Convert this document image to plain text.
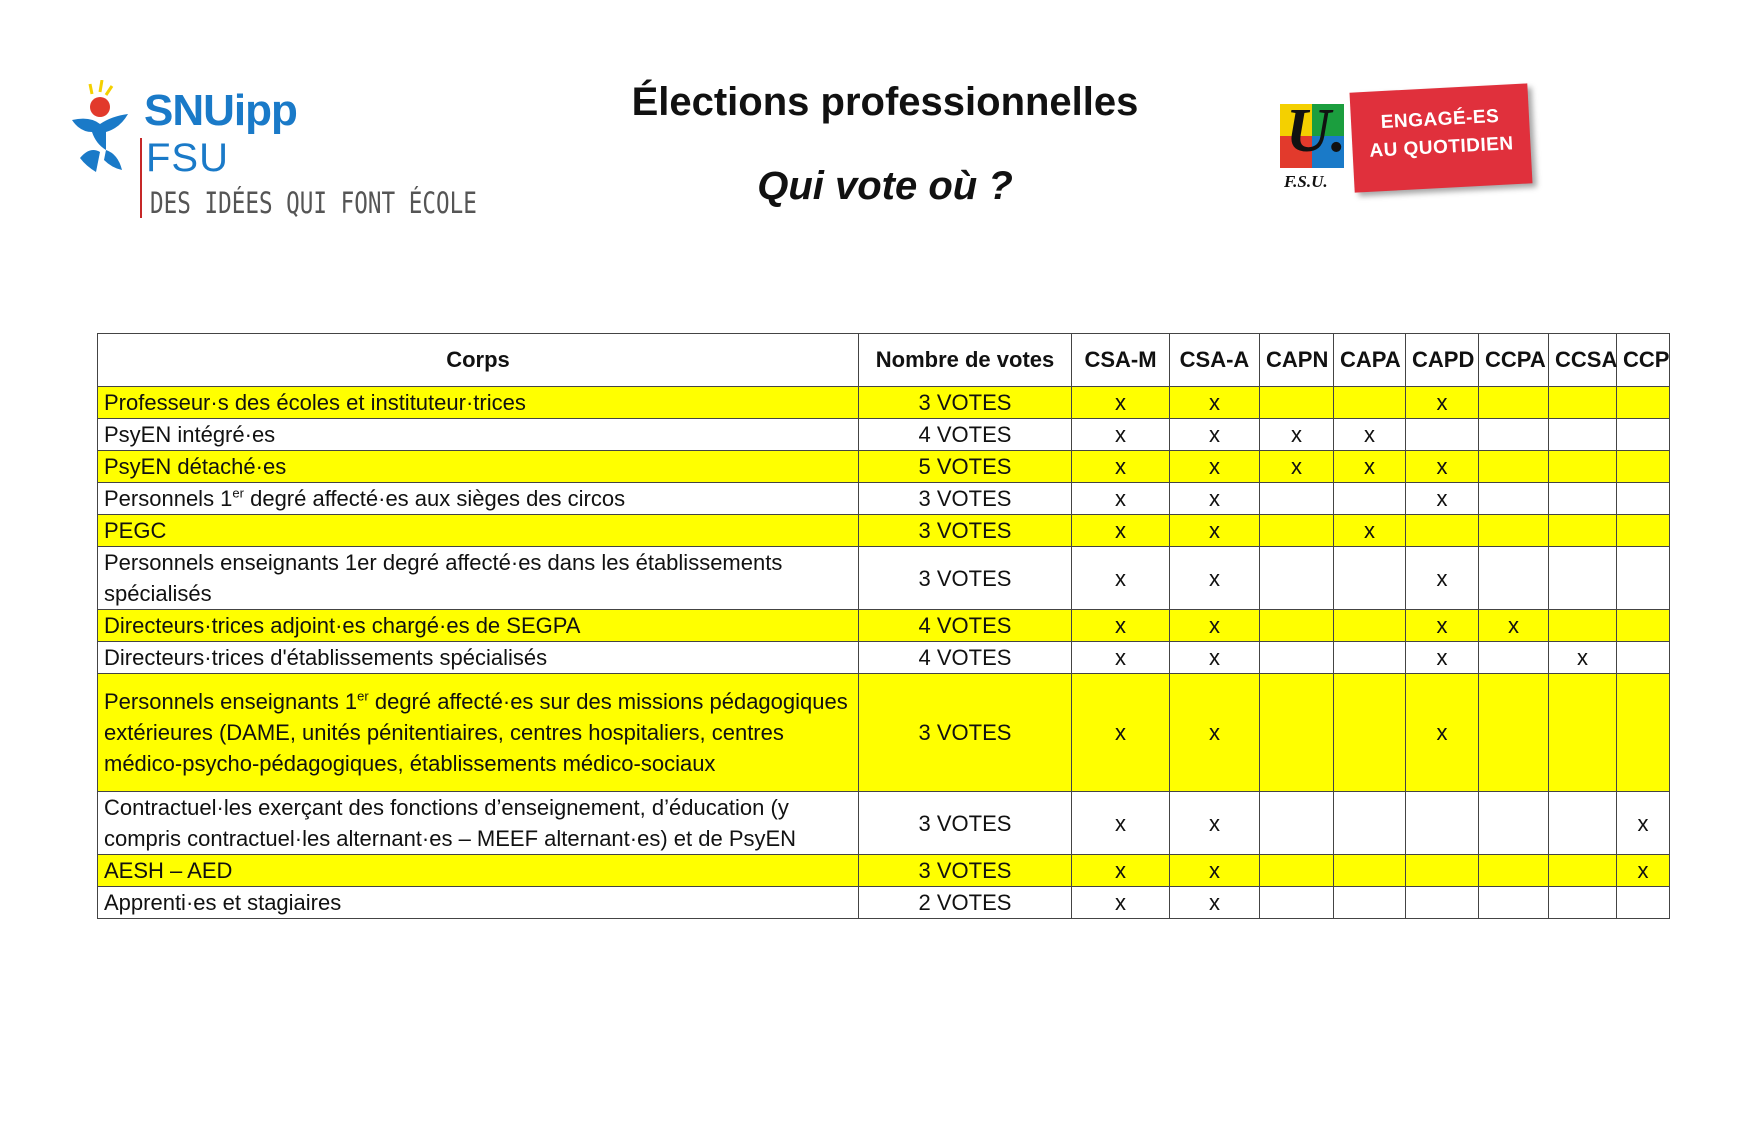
SNUipp
FSU
DES IDÉES QUI FONT ÉCOLE
Élections professionnelles
Qui vote où ?
U.
F.S.U.
ENGAGÉ-ES
AU QUOTIDIEN
Corps	Nombre de votes	CSA-M	CSA-A	CAPN	CAPA	CAPD	CCPA	CCSA	CCP
Professeur·s des écoles et instituteur·trices	3 VOTES	x	x			x			
PsyEN intégré·es	4 VOTES	x	x	x	x				
PsyEN détaché·es	5 VOTES	x	x	x	x	x			
Personnels 1er degré affecté·es aux sièges des circos	3 VOTES	x	x			x			
PEGC	3 VOTES	x	x		x				
Personnels enseignants 1er degré affecté·es dans les établissements spécialisés	3 VOTES	x	x			x			
Directeurs·trices adjoint·es chargé·es de SEGPA	4 VOTES	x	x			x	x		
Directeurs·trices d'établissements spécialisés	4 VOTES	x	x			x		x	
Personnels enseignants 1er degré affecté·es sur des missions pédagogiques extérieures (DAME, unités pénitentiaires, centres hospitaliers, centres médico-psycho-pédagogiques, établissements médico-sociaux	3 VOTES	x	x			x			
Contractuel·les exerçant des fonctions d’enseignement, d’éducation (y compris contractuel·les alternant·es – MEEF alternant·es) et de PsyEN	3 VOTES	x	x						x
AESH – AED	3 VOTES	x	x						x
Apprenti·es et stagiaires	2 VOTES	x	x						
